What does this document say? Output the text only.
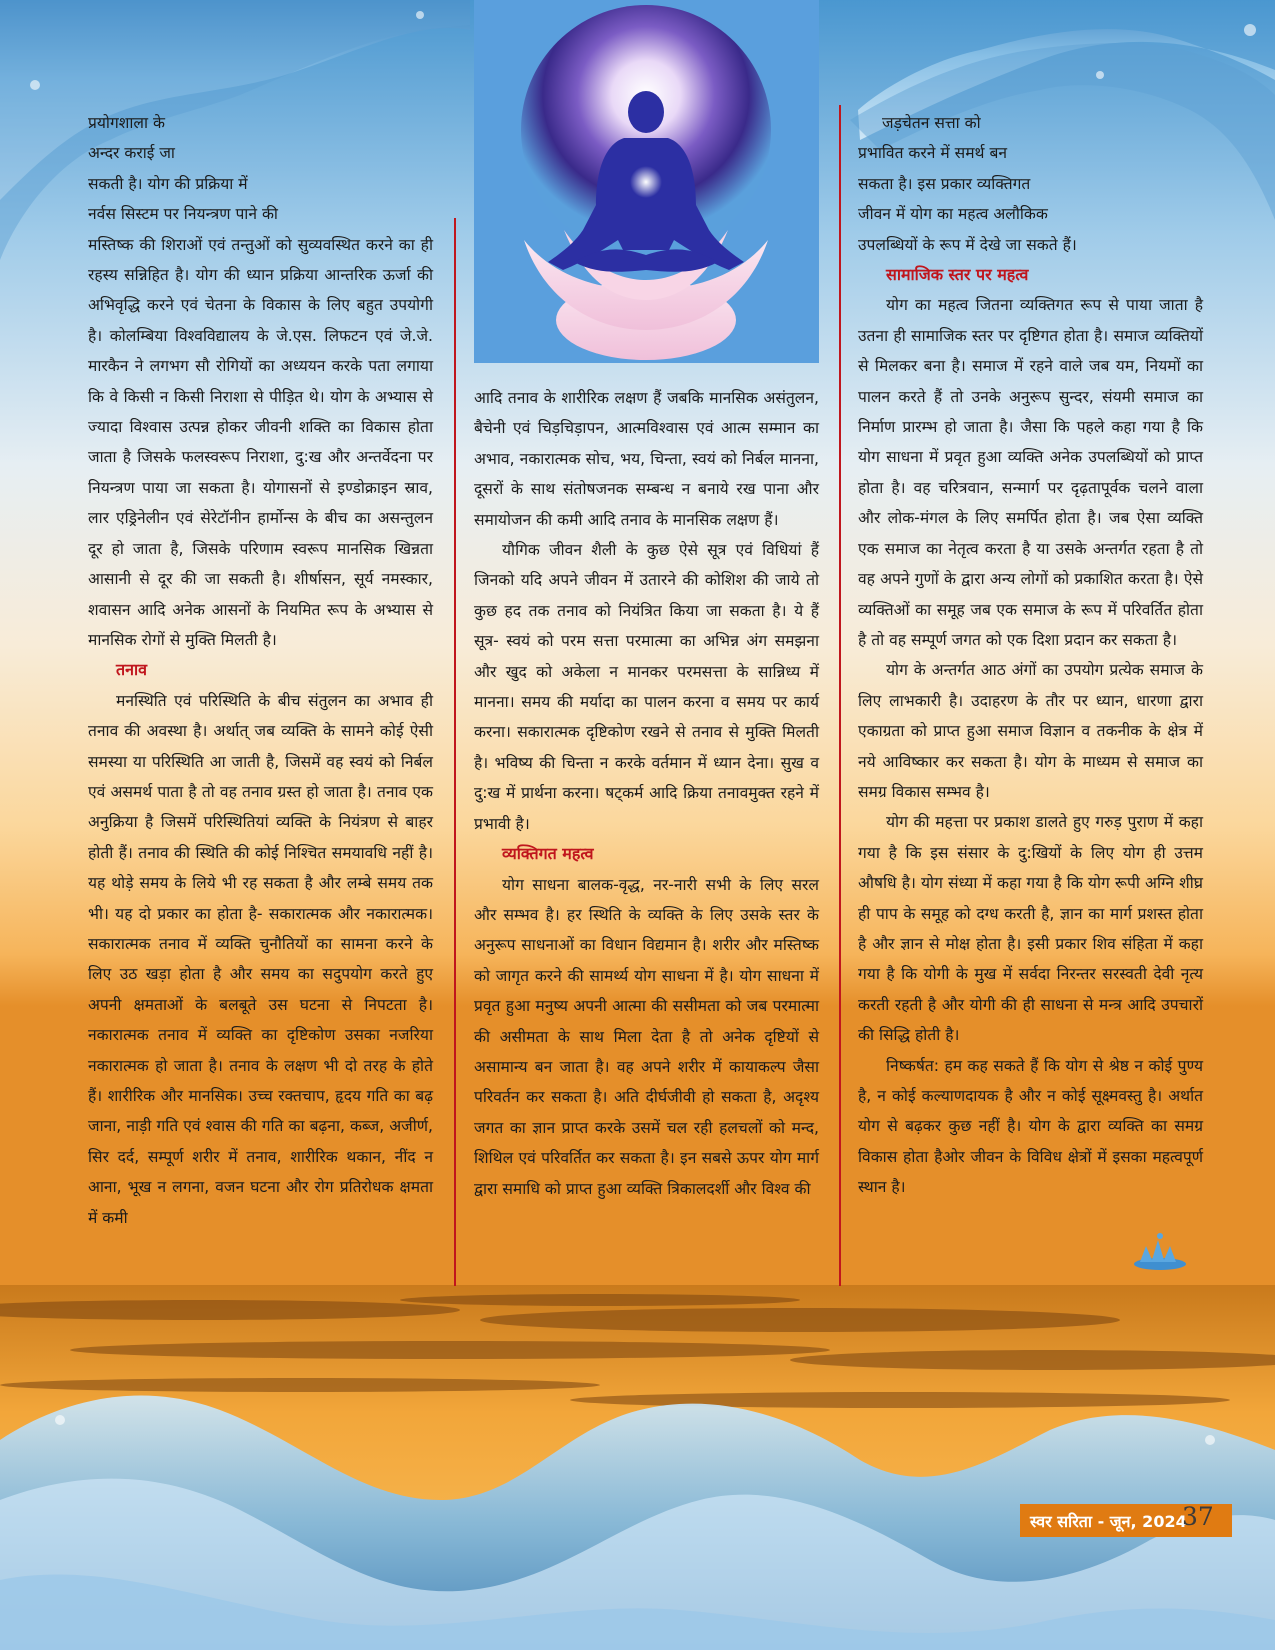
प्रयोगशाला के

अन्दर कराई जा

सकती है। योग की प्रक्रिया में

नर्वस सिस्टम पर नियन्त्रण पाने की

मस्तिष्क की शिराओं एवं तन्तुओं को सुव्यवस्थित करने का ही रहस्य सन्निहित है। योग की ध्यान प्रक्रिया आन्तरिक ऊर्जा की अभिवृद्धि करने एवं चेतना के विकास के लिए बहुत उपयोगी है। कोलम्बिया विश्वविद्यालय के जे.एस. लिफटन एवं जे.जे. मारकैन ने लगभग सौ रोगियों का अध्ययन करके पता लगाया कि वे किसी न किसी निराशा से पीड़ित थे। योग के अभ्यास से ज्यादा विश्वास उत्पन्न होकर जीवनी शक्ति का विकास होता जाता है जिसके फलस्वरूप निराशा, दु:ख और अन्तर्वेदना पर नियन्त्रण पाया जा सकता है। योगासनों से इण्डोक्राइन स्राव, लार एड्रिनेलीन एवं सेरेटॉनीन हार्मोन्स के बीच का असन्तुलन दूर हो जाता है, जिसके परिणाम स्वरूप मानसिक खिन्नता आसानी से दूर की जा सकती है। शीर्षासन, सूर्य नमस्कार, शवासन आदि अनेक आसनों के नियमित रूप के अभ्यास से मानसिक रोगों से मुक्ति मिलती है।

तनाव

मनस्थिति एवं परिस्थिति के बीच संतुलन का अभाव ही तनाव की अवस्था है। अर्थात् जब व्यक्ति के सामने कोई ऐसी समस्या या परिस्थिति आ जाती है, जिसमें वह स्वयं को निर्बल एवं असमर्थ पाता है तो वह तनाव ग्रस्त हो जाता है। तनाव एक अनुक्रिया है जिसमें परिस्थितियां व्यक्ति के नियंत्रण से बाहर होती हैं। तनाव की स्थिति की कोई निश्चित समयावधि नहीं है। यह थोड़े समय के लिये भी रह सकता है और लम्बे समय तक भी। यह दो प्रकार का होता है- सकारात्मक और नकारात्मक। सकारात्मक तनाव में व्यक्ति चुनौतियों का सामना करने के लिए उठ खड़ा होता है और समय का सदुपयोग करते हुए अपनी क्षमताओं के बलबूते उस घटना से निपटता है। नकारात्मक तनाव में व्यक्ति का दृष्टिकोण उसका नजरिया नकारात्मक हो जाता है। तनाव के लक्षण भी दो तरह के होते हैं। शारीरिक और मानसिक। उच्च रक्तचाप, हृदय गति का बढ़ जाना, नाड़ी गति एवं श्वास की गति का बढ़ना, कब्ज, अजीर्ण, सिर दर्द, सम्पूर्ण शरीर में तनाव, शारीरिक थकान, नींद न आना, भूख न लगना, वजन घटना और रोग प्रतिरोधक क्षमता में कमी

आदि तनाव के शारीरिक लक्षण हैं जबकि मानसिक असंतुलन, बैचेनी एवं चिड़चिड़ापन, आत्मविश्वास एवं आत्म सम्मान का अभाव, नकारात्मक सोच, भय, चिन्ता, स्वयं को निर्बल मानना, दूसरों के साथ संतोषजनक सम्बन्ध न बनाये रख पाना और समायोजन की कमी आदि तनाव के मानसिक लक्षण हैं।

यौगिक जीवन शैली के कुछ ऐसे सूत्र एवं विधियां हैं जिनको यदि अपने जीवन में उतारने की कोशिश की जाये तो कुछ हद तक तनाव को नियंत्रित किया जा सकता है। ये हैं सूत्र- स्वयं को परम सत्ता परमात्मा का अभिन्न अंग समझना और खुद को अकेला न मानकर परमसत्ता के सान्निध्य में मानना। समय की मर्यादा का पालन करना व समय पर कार्य करना। सकारात्मक दृष्टिकोण रखने से तनाव से मुक्ति मिलती है। भविष्य की चिन्ता न करके वर्तमान में ध्यान देना। सुख व दु:ख में प्रार्थना करना। षट्कर्म आदि क्रिया तनावमुक्त रहने में प्रभावी है।

व्यक्तिगत महत्व

योग साधना बालक-वृद्ध, नर-नारी सभी के लिए सरल और सम्भव है। हर स्थिति के व्यक्ति के लिए उसके स्तर के अनुरूप साधनाओं का विधान विद्यमान है। शरीर और मस्तिष्क को जागृत करने की सामर्थ्य योग साधना में है। योग साधना में प्रवृत हुआ मनुष्य अपनी आत्मा की ससीमता को जब परमात्मा की असीमता के साथ मिला देता है तो अनेक दृष्टियों से असामान्य बन जाता है। वह अपने शरीर में कायाकल्प जैसा परिवर्तन कर सकता है। अति दीर्घजीवी हो सकता है, अदृश्य जगत का ज्ञान प्राप्त करके उसमें चल रही हलचलों को मन्द, शिथिल एवं परिवर्तित कर सकता है। इन सबसे ऊपर योग मार्ग द्वारा समाधि को प्राप्त हुआ व्यक्ति त्रिकालदर्शी और विश्व की

जड़चेतन सत्ता को

प्रभावित करने में समर्थ बन

सकता है। इस प्रकार व्यक्तिगत

जीवन में योग का महत्व अलौकिक

उपलब्धियों के रूप में देखे जा सकते हैं।

सामाजिक स्तर पर महत्व

योग का महत्व जितना व्यक्तिगत रूप से पाया जाता है उतना ही सामाजिक स्तर पर दृष्टिगत होता है। समाज व्यक्तियों से मिलकर बना है। समाज में रहने वाले जब यम, नियमों का पालन करते हैं तो उनके अनुरूप सुन्दर, संयमी समाज का निर्माण प्रारम्भ हो जाता है। जैसा कि पहले कहा गया है कि योग साधना में प्रवृत हुआ व्यक्ति अनेक उपलब्धियों को प्राप्त होता है। वह चरित्रवान, सन्मार्ग पर दृढ़तापूर्वक चलने वाला और लोक-मंगल के लिए समर्पित होता है। जब ऐसा व्यक्ति एक समाज का नेतृत्व करता है या उसके अन्तर्गत रहता है तो वह अपने गुणों के द्वारा अन्य लोगों को प्रकाशित करता है। ऐसे व्यक्तिओं का समूह जब एक समाज के रूप में परिवर्तित होता है तो वह सम्पूर्ण जगत को एक दिशा प्रदान कर सकता है।

योग के अन्तर्गत आठ अंगों का उपयोग प्रत्येक समाज के लिए लाभकारी है। उदाहरण के तौर पर ध्यान, धारणा द्वारा एकाग्रता को प्राप्त हुआ समाज विज्ञान व तकनीक के क्षेत्र में नये आविष्कार कर सकता है। योग के माध्यम से समाज का समग्र विकास सम्भव है।

योग की महत्ता पर प्रकाश डालते हुए गरुड़ पुराण में कहा गया है कि इस संसार के दु:खियों के लिए योग ही उत्तम औषधि है। योग संध्या में कहा गया है कि योग रूपी अग्नि शीघ्र ही पाप के समूह को दग्ध करती है, ज्ञान का मार्ग प्रशस्त होता है और ज्ञान से मोक्ष होता है। इसी प्रकार शिव संहिता में कहा गया है कि योगी के मुख में सर्वदा निरन्तर सरस्वती देवी नृत्य करती रहती है और योगी की ही साधना से मन्त्र आदि उपचारों की सिद्धि होती है।

निष्कर्षत: हम कह सकते हैं कि योग से श्रेष्ठ न कोई पुण्य है, न कोई कल्याणदायक है और न कोई सूक्ष्मवस्तु है। अर्थात योग से बढ़कर कुछ नहीं है। योग के द्वारा व्यक्ति का समग्र विकास होता हैओर जीवन के विविध क्षेत्रों में इसका महत्वपूर्ण स्थान है।

स्वर सरिता - जून, 2024
37
